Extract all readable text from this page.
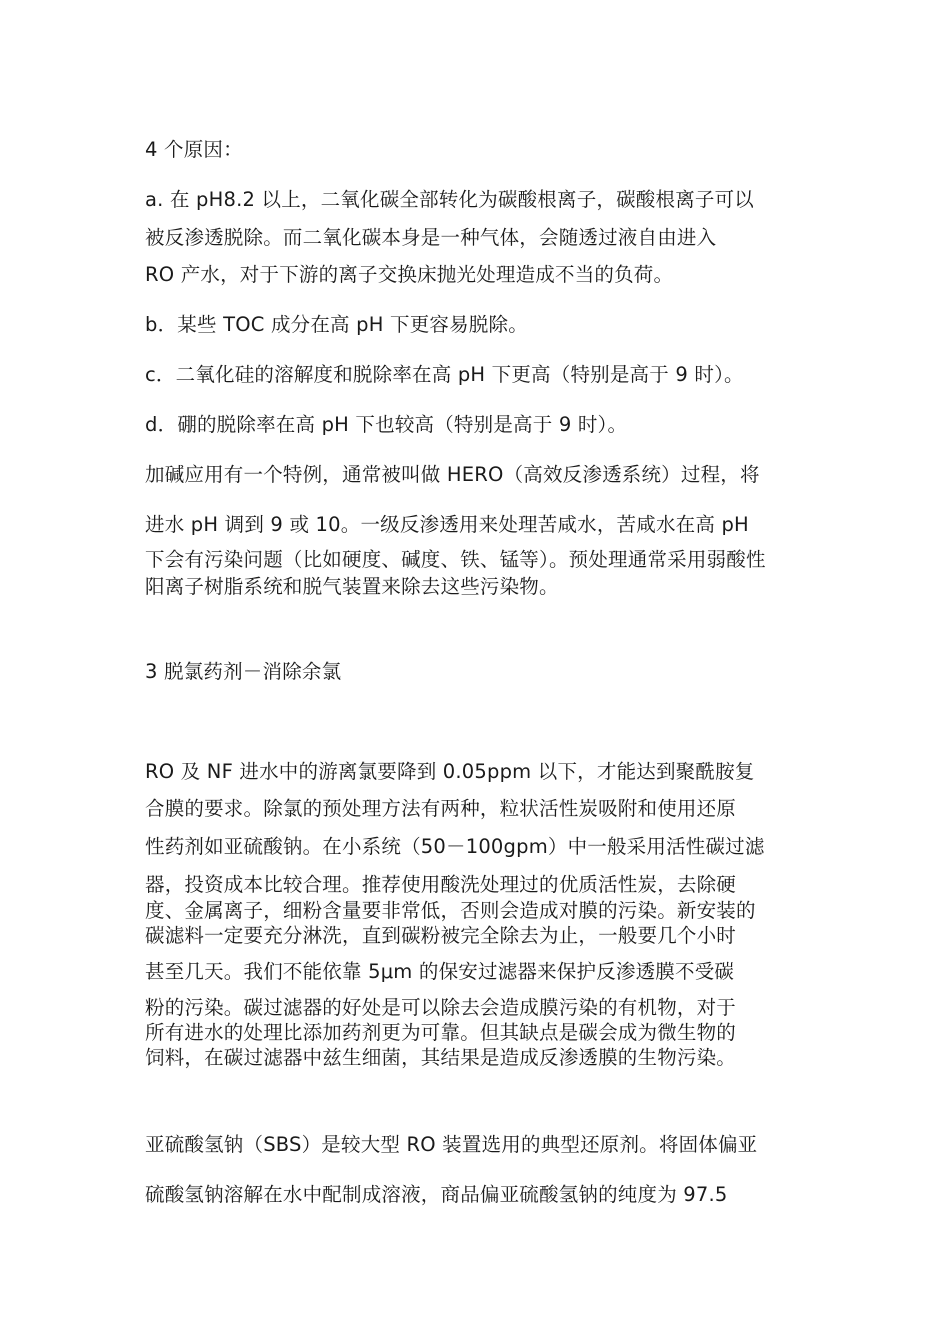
4 个原因：

a. 在 pH8.2 以上，二氧化碳全部转化为碳酸根离子，碳酸根离子可以

被反渗透脱除。而二氧化碳本身是一种气体，会随透过液自由进入

RO 产水，对于下游的离子交换床抛光处理造成不当的负荷。

b．某些 TOC 成分在高 pH 下更容易脱除。

c．二氧化硅的溶解度和脱除率在高 pH 下更高（特别是高于 9 时）。

d．硼的脱除率在高 pH 下也较高（特别是高于 9 时）。

加碱应用有一个特例，通常被叫做 HERO（高效反渗透系统）过程，将

进水 pH 调到 9 或 10。一级反渗透用来处理苦咸水，苦咸水在高 pH

下会有污染问题（比如硬度、碱度、铁、锰等）。预处理通常采用弱酸性

阳离子树脂系统和脱气装置来除去这些污染物。

3 脱氯药剂－消除余氯

RO 及 NF 进水中的游离氯要降到 0.05ppm 以下，才能达到聚酰胺复

合膜的要求。除氯的预处理方法有两种，粒状活性炭吸附和使用还原

性药剂如亚硫酸钠。在小系统（50－100gpm）中一般采用活性碳过滤

器，投资成本比较合理。推荐使用酸洗处理过的优质活性炭，去除硬

度、金属离子，细粉含量要非常低，否则会造成对膜的污染。新安装的

碳滤料一定要充分淋洗，直到碳粉被完全除去为止，一般要几个小时

甚至几天。我们不能依靠 5μm 的保安过滤器来保护反渗透膜不受碳

粉的污染。碳过滤器的好处是可以除去会造成膜污染的有机物，对于

所有进水的处理比添加药剂更为可靠。但其缺点是碳会成为微生物的

饲料，在碳过滤器中兹生细菌，其结果是造成反渗透膜的生物污染。

亚硫酸氢钠（SBS）是较大型 RO 装置选用的典型还原剂。将固体偏亚

硫酸氢钠溶解在水中配制成溶液，商品偏亚硫酸氢钠的纯度为 97.5
